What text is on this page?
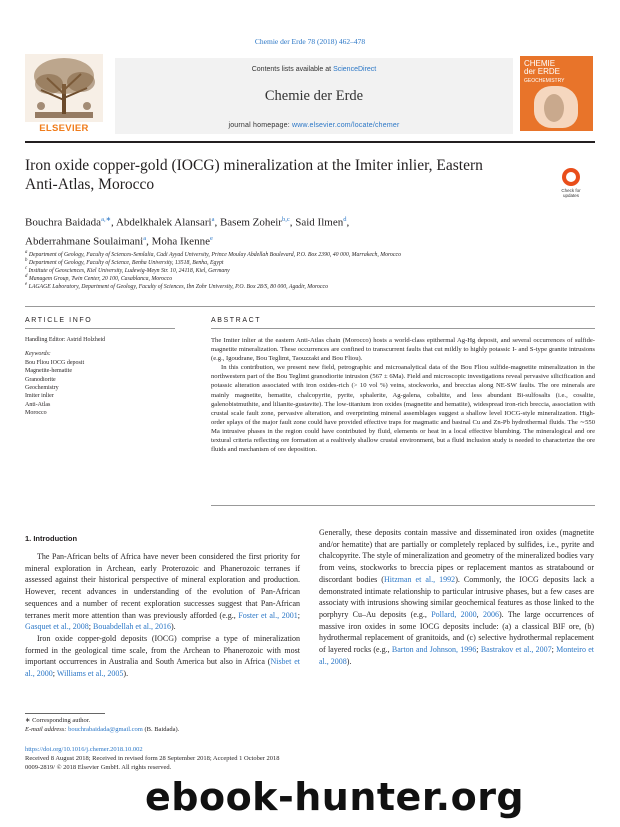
Chemie der Erde 78 (2018) 462–478
ELSEVIER
Contents lists available at ScienceDirect
Chemie der Erde
journal homepage: www.elsevier.com/locate/chemer
CHEMIE
der ERDE
GEOCHEMISTRY
Iron oxide copper-gold (IOCG) mineralization at the Imiter inlier, Eastern Anti-Atlas, Morocco	Check for
updates
Bouchra Baidada$^{a,∗}$, Abdelkhalek Alansari$^a$, Basem Zoheir$^{b,c}$, Said Ilmen$^d$,
Abderrahmane Soulaimani$^a$, Moha Ikenne$^e$
$^a$ Department of Geology, Faculty of Sciences-Semlalia, Cadi Ayyad University, Prince Moulay Abdellah Boulevard, P.O. Box 2390, 40 000, Marrakech, Morocco
$^b$ Department of Geology, Faculty of Science, Benha University, 13518, Benha, Egypt
$^c$ Institute of Geosciences, Kiel University, Ludewig-Meyn Str. 10, 24118, Kiel, Germany
$^d$ Managem Group, Twin Center, 20 100, Casablanca, Morocco
$^e$ LAGAGE Laboratory, Department of Geology, Faculty of Sciences, Ibn Zohr University, P.O. Box 28/S, 80 000, Agadir, Morocco
ARTICLE INFO	ABSTRACT
Handling Editor: Astrid Holzheid
Keywords:
Bou Fliou IOCG deposit
Magnetite-hematite
Granodiorite
Geochemistry
Imiter inlier
Anti-Atlas
Morocco

The Imiter inlier at the eastern Anti-Atlas chain (Morocco) hosts a world-class epithermal Ag-Hg deposit, and several occurrences of sulfide-magnetite mineralization. These occurrences are confined to transcurrent faults that cut mildly to highly potassic I- and S-type granite intrusions (e.g., Igoudrane, Bou Teglimt, Taouzzakt and Bou Fliou).

In this contribution, we present new field, petrographic and microanalytical data of the Bou Fliou sulfide-magnetite mineralization in the northwestern part of the Bou Teglimt granodiorite intrusion (567 ± 6Ma). Field and microscopic investigations reveal pervasive silicification and potassic alteration associated with iron oxides-rich (> 10 vol %) veins, stockworks, and breccias along NE-SW faults. The ore minerals are mainly magnetite, hematite, chalcopyrite, pyrite, sphalerite, Ag-galena, cobaltite, and less abundant Bi-sulfosalts (i.e., cosalite, galenobistmuthite, and lilianite-gustavite). The low-titanium iron oxides (magnetite and hematite), widespread iron-rich breccia, association with crustal scale fault zone, pervasive alteration, and overprinting mineral assemblages suggest a shallow level IOCG-style mineralization. High-order splays of the major fault zone could have provided effective traps for magmatic and basinal Cu and Zn-Pb hydrothermal fluids. The ∼550 Ma intrusive phases in the region could have contributed by fluid, elements or heat in a local effective blumbing. The mineralogical and ore textural criteria reflecting ore formation at a realtively shallow crustal environment, but a fluid inclusion study is needed to characterize the ore fluids and mechanism of ore deposition.

1. Introduction

The Pan-African belts of Africa have never been considered the first priority for mineral exploration in Archean, early Proterozoic and Phanerozoic terranes if assessed against their historical perspective of mineral exploration and production. However, recent advances in understanding of the evolution of Pan-African sequences and a number of recent exploration successes suggest that Pan-African terranes merit more attention than was previously afforded (e.g., Foster et al., 2001; Gasquet et al., 2008; Bouabdellah et al., 2016).

Iron oxide copper-gold deposits (IOCG) comprise a type of mineralization formed in the geological time scale, from the Archean to Phanerozoic with most important occurrences in Australia and South America but also in Africa (Nisbet et al., 2000; Williams et al., 2005).

Generally, these deposits contain massive and disseminated iron oxides (magnetite and/or hematite) that are partially or completely replaced by sulfides, i.e., pyrite and chalcopyrite. The style of mineralization and geometry of the mineralized bodies vary from veins, stockworks to breccia pipes or replacement mantos as stratabound or discordant bodies (Hitzman et al., 1992). Commonly, the IOCG deposits lack a demonstrated intimate relationship to particular intrusive phases, but a few cases are associaty with intrusions showing similar geochemical features as those linked to the porphyry Cu–Au deposits (e.g., Pollard, 2000, 2006). The large occurrences of massive iron oxides in some IOCG deposits include: (a) a classical BIF ore, (b) hydrothermal replacement of granitoids, and (c) selective hydrothermal replacement of layered rocks (e.g., Barton and Johnson, 1996; Bastrakov et al., 2007; Monteiro et al., 2008).

∗ Corresponding author.
E-mail address: bouchrabaidada@gmail.com (B. Baidada).
https://doi.org/10.1016/j.chemer.2018.10.002
Received 8 August 2018; Received in revised form 28 September 2018; Accepted 1 October 2018
0009-2819/ © 2018 Elsevier GmbH. All rights reserved.
ebook-hunter.org
